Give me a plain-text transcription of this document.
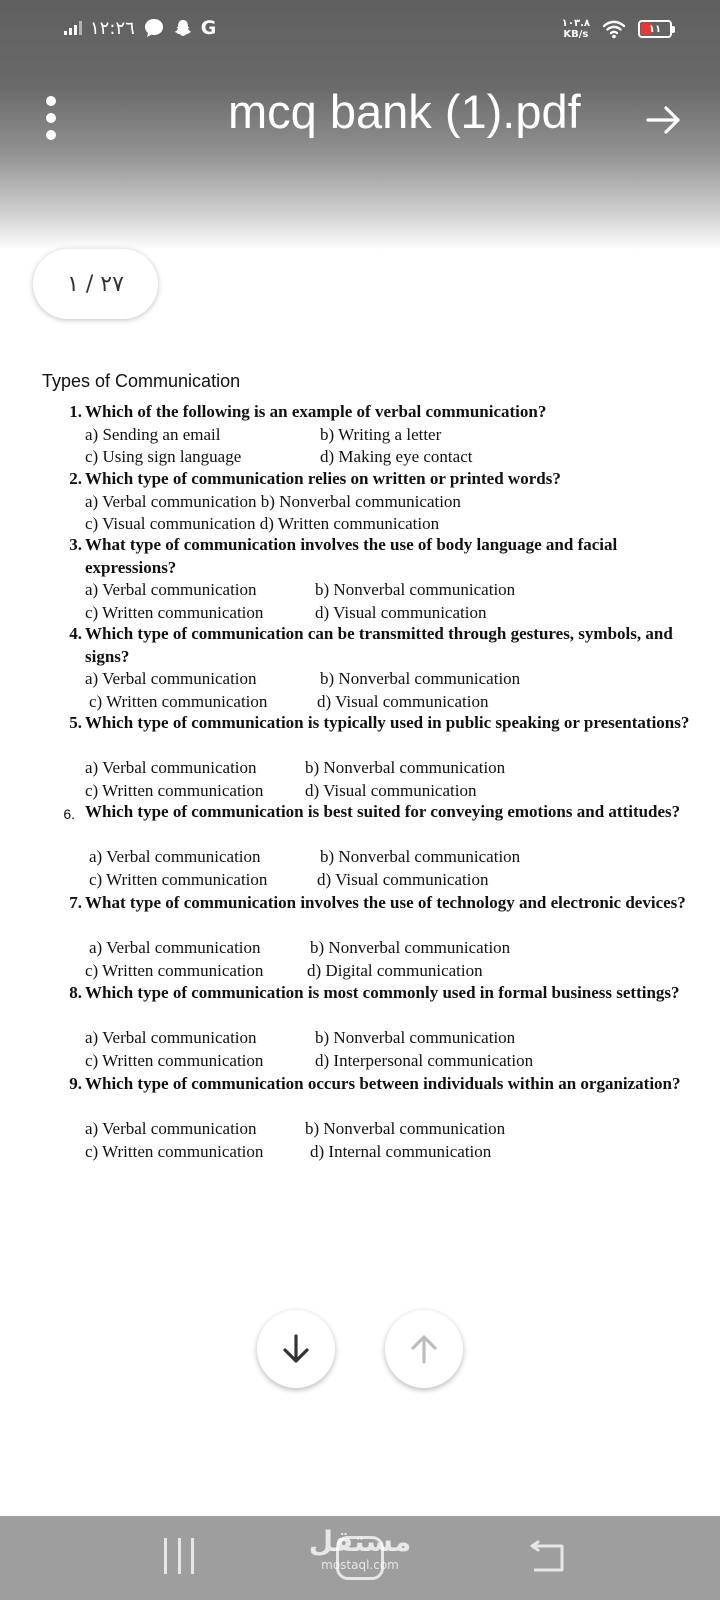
١٢:٢٦	G	١٠٣.٨
KB/s	١١
mcq bank (1).pdf
٢٧ / ١
Types of Communication
1. Which of the following is an example of verbal communication?
a) Sending an email	b) Writing a letter
c) Using sign language	d) Making eye contact
2. Which type of communication relies on written or printed words?
a) Verbal communication b) Nonverbal communication
c) Visual communication d) Written communication
3. What type of communication involves the use of body language and facial expressions?
a) Verbal communication	b) Nonverbal communication
c) Written communication	d) Visual communication
4. Which type of communication can be transmitted through gestures, symbols, and signs?
a) Verbal communication	b) Nonverbal communication
c) Written communication	d) Visual communication
5. Which type of communication is typically used in public speaking or presentations?
a) Verbal communication	b) Nonverbal communication
c) Written communication d) Visual communication
6. Which type of communication is best suited for conveying emotions and attitudes?
a) Verbal communication	b) Nonverbal communication
c) Written communication	d) Visual communication
7. What type of communication involves the use of technology and electronic devices?
a) Verbal communication	b) Nonverbal communication
c) Written communication	d) Digital communication
8. Which type of communication is most commonly used in formal business settings?
a) Verbal communication	b) Nonverbal communication
c) Written communication	d) Interpersonal communication
9. Which type of communication occurs between individuals within an organization?
a) Verbal communication	b) Nonverbal communication
c) Written communication	d) Internal communication
مستقل
mostaql.com
